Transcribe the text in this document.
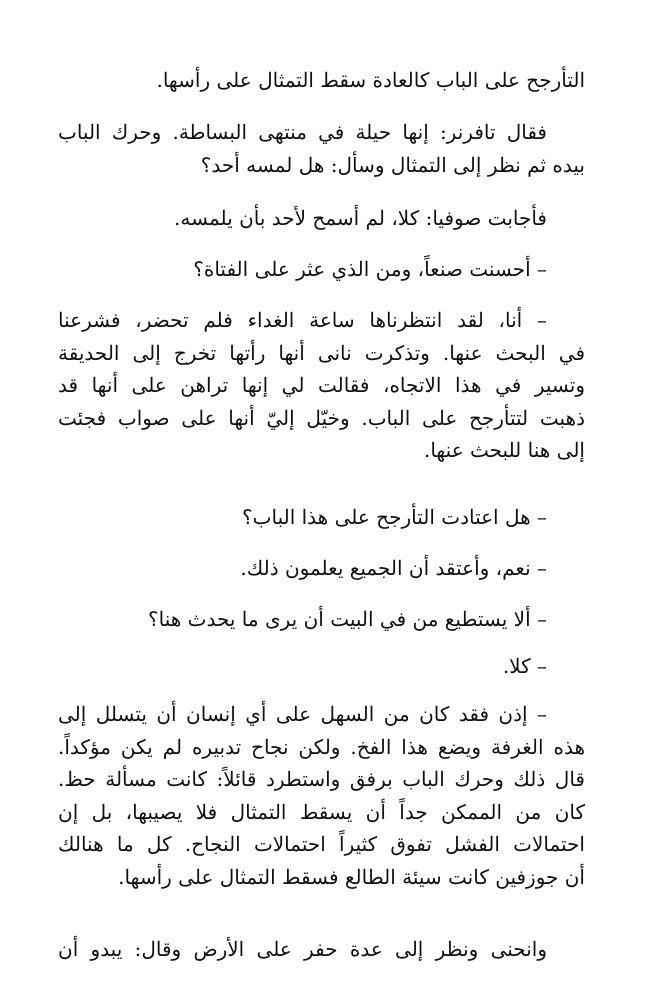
التأرجح على الباب كالعادة سقط التمثال على رأسها.
فقال تافرنر: إنها حيلة في منتهى البساطة. وحرك الباب
بيده ثم نظر إلى التمثال وسأل: هل لمسه أحد؟
فأجابت صوفيا: كلا، لم أسمح لأحد بأن يلمسه.
– أحسنت صنعاً، ومن الذي عثر على الفتاة؟
– أنا، لقد انتظرناها ساعة الغداء فلم تحضر، فشرعنا
في البحث عنها. وتذكرت نانى أنها رأتها تخرج إلى الحديقة
وتسير في هذا الاتجاه، فقالت لي إنها تراهن على أنها قد
ذهبت لتتأرجح على الباب. وخيّل إليّ أنها على صواب فجئت
إلى هنا للبحث عنها.
– هل اعتادت التأرجح على هذا الباب؟
– نعم، وأعتقد أن الجميع يعلمون ذلك.
– ألا يستطيع من في البيت أن يرى ما يحدث هنا؟
– كلا.
– إذن فقد كان من السهل على أي إنسان أن يتسلل إلى
هذه الغرفة ويضع هذا الفخ. ولكن نجاح تدبيره لم يكن مؤكداً.
قال ذلك وحرك الباب برفق واستطرد قائلاً: كانت مسألة حظ.
كان من الممكن جداً أن يسقط التمثال فلا يصيبها، بل إن
احتمالات الفشل تفوق كثيراً احتمالات النجاح. كل ما هنالك
أن جوزفين كانت سيئة الطالع فسقط التمثال على رأسها.
وانحنى ونظر إلى عدة حفر على الأرض وقال: يبدو أن
